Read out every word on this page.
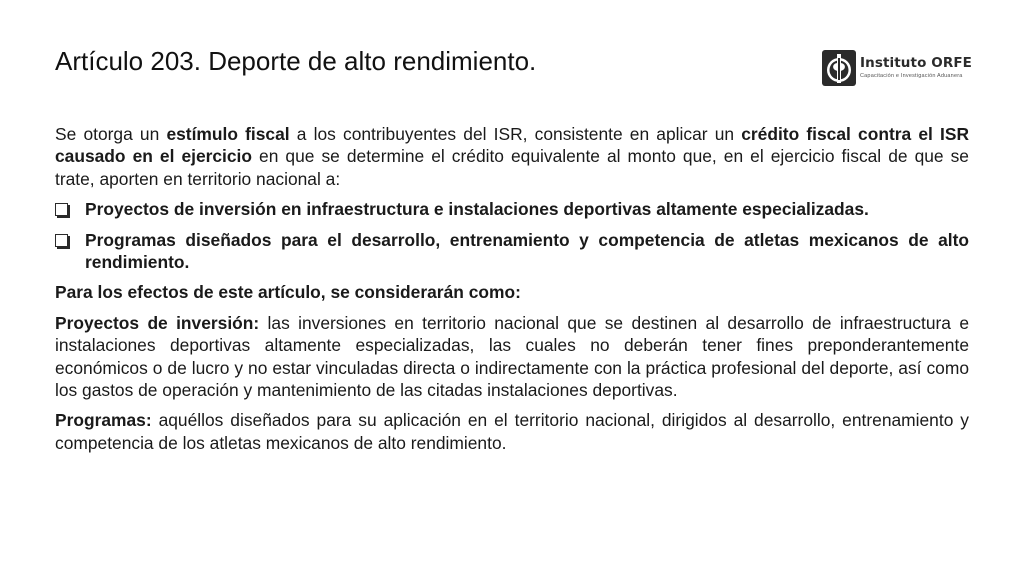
Artículo 203. Deporte de alto rendimiento.	Instituto ORFE
Capacitación e Investigación Aduanera

Se otorga un estímulo fiscal a los contribuyentes del ISR, consistente en aplicar un crédito fiscal contra el ISR causado en el ejercicio en que se determine el crédito equivalente al monto que, en el ejercicio fiscal de que se trate, aporten en territorio nacional a:

Proyectos de inversión en infraestructura e instalaciones deportivas altamente especializadas.
Programas diseñados para el desarrollo, entrenamiento y competencia de atletas mexicanos de alto rendimiento.

Para los efectos de este artículo, se considerarán como:

Proyectos de inversión: las inversiones en territorio nacional que se destinen al desarrollo de infraestructura e instalaciones deportivas altamente especializadas, las cuales no deberán tener fines preponderantemente económicos o de lucro y no estar vinculadas directa o indirectamente con la práctica profesional del deporte, así como los gastos de operación y mantenimiento de las citadas instalaciones deportivas.

Programas: aquéllos diseñados para su aplicación en el territorio nacional, dirigidos al desarrollo, entrenamiento y competencia de los atletas mexicanos de alto rendimiento.
